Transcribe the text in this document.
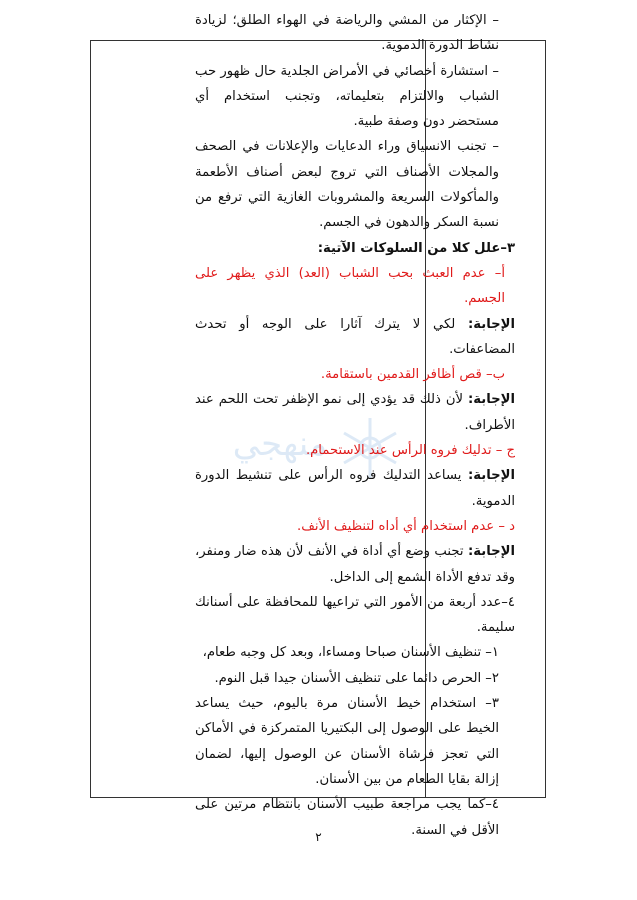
منهجي

– الإكثار من المشي والرياضة في الهواء الطلق؛ لزيادة نشاط الدورة الدموية.

– استشارة أخصائي في الأمراض الجلدية حال ظهور حب الشباب والالتزام بتعليماته، وتجنب استخدام أي مستحضر دون وصفة طبية.

– تجنب الانسياق وراء الدعايات والإعلانات في الصحف والمجلات الأصناف التي تروج لبعض أصناف الأطعمة والمأكولات السريعة والمشروبات الغازية التي ترفع من نسبة السكر والدهون في الجسم.

٣–علل كلا من السلوكات الآتية:

أ– عدم العبث بحب الشباب (العد) الذي يظهر على الجسم.

الإجابة: لكي لا يترك آثارا على الوجه أو تحدث المضاعفات.

ب– قص أظافر القدمين باستقامة.

الإجابة: لأن ذلك قد يؤدي إلى نمو الإظفر تحت اللحم عند الأطراف.

ج – تدليك فروه الرأس عند الاستحمام.

الإجابة: يساعد التدليك فروه الرأس على تنشيط الدورة الدموية.

د – عدم استخدام أي أداه لتنظيف الأنف.

الإجابة: تجنب وضع أي أداة في الأنف لأن هذه ضار ومنفر، وقد تدفع الأداة الشمع إلى الداخل.

٤–عدد أربعة من الأمور التي تراعيها للمحافظة على أسنانك سليمة.

١– تنظيف الأسنان صباحا ومساءا، وبعد كل وجبه طعام،

٢– الحرص دائما على تنظيف الأسنان جيدا قبل النوم.

٣– استخدام خيط الأسنان مرة باليوم، حيث يساعد الخيط على الوصول إلى البكتيريا المتمركزة في الأماكن التي تعجز فرشاة الأسنان عن الوصول إليها، لضمان إزالة بقايا الطعام من بين الأسنان.

٤–كما يجب مراجعة طبيب الأسنان بانتظام مرتين على الأقل في السنة.

٢
